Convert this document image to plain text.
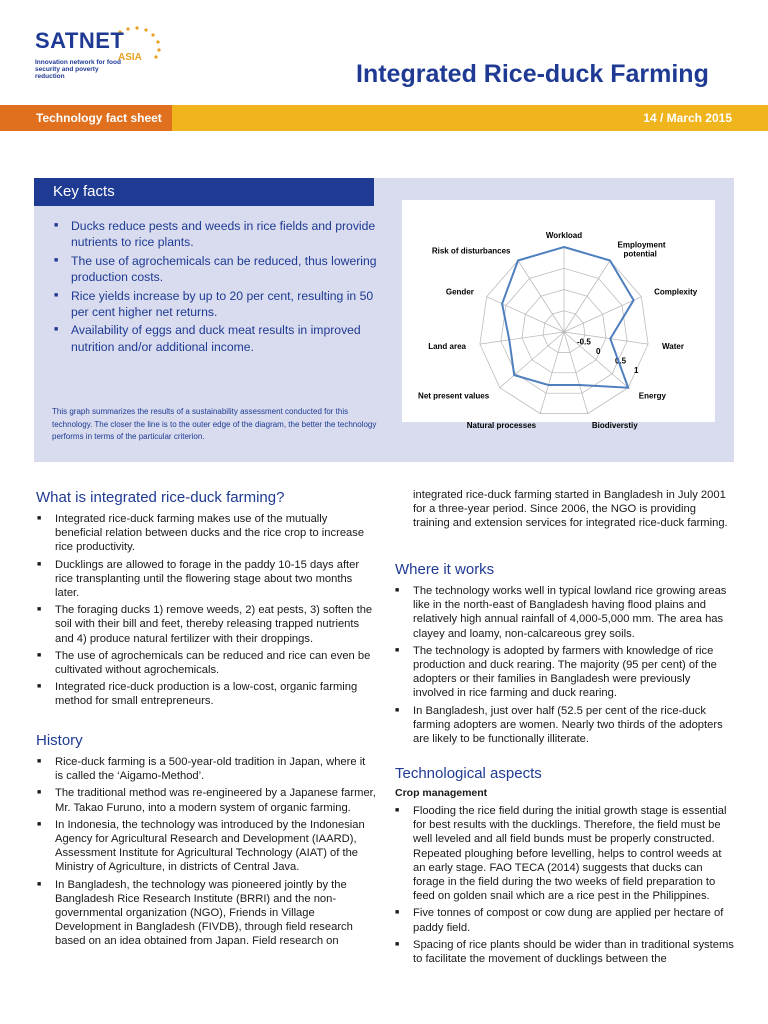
SATNET
ASIA
Innovation network for food security and poverty reduction	Integrated Rice-duck Farming
Technology fact sheet	14 / March 2015
Key facts
■ Ducks reduce pests and weeds in rice fields and provide nutrients to rice plants.
■ The use of agrochemicals can be reduced, thus lowering production costs.
■ Rice yields increase by up to 20 per cent, resulting in 50 per cent higher net returns.
■ Availability of eggs and duck meat results in improved nutrition and/or additional income.
This graph summarizes the results of a sustainability assessment conducted for this technology. The closer the line is to the outer edge of the diagram, the better the technology performs in terms of the particular criterion.
-0.5
0
0.5
1
Workload
Employment potential
Complexity
Water
Energy
Biodiverstiy
Natural processes
Net present values
Land area
Gender
Risk of disturbances
What is integrated rice-duck farming?
■ Integrated rice-duck farming makes use of the mutually beneficial relation between ducks and the rice crop to increase rice productivity.
■ Ducklings are allowed to forage in the paddy 10-15 days after rice transplanting until the flowering stage about two months later.
■ The foraging ducks 1) remove weeds, 2) eat pests, 3) soften the soil with their bill and feet, thereby releasing trapped nutrients and 4) produce natural fertilizer with their droppings.
■ The use of agrochemicals can be reduced and rice can even be cultivated without agrochemicals.
■ Integrated rice-duck production is a low-cost, organic farming method for small entrepreneurs.
History
■ Rice-duck farming is a 500-year-old tradition in Japan, where it is called the ‘Aigamo-Method’.
■ The traditional method was re-engineered by a Japanese farmer, Mr. Takao Furuno, into a modern system of organic farming.
■ In Indonesia, the technology was introduced by the Indonesian Agency for Agricultural Research and Development (IAARD), Assessment Institute for Agricultural Technology (AIAT) of the Ministry of Agriculture, in districts of Central Java.
■ In Bangladesh, the technology was pioneered jointly by the Bangladesh Rice Research Institute (BRRI) and the non-governmental organization (NGO), Friends in Village Development in Bangladesh (FIVDB), through field research based on an idea obtained from Japan. Field research on
integrated rice-duck farming started in Bangladesh in July 2001 for a three-year period. Since 2006, the NGO is providing training and extension services for integrated rice-duck farming.
Where it works
■ The technology works well in typical lowland rice growing areas like in the north-east of Bangladesh having flood plains and relatively high annual rainfall of 4,000-5,000 mm. The area has clayey and loamy, non-calcareous grey soils.
■ The technology is adopted by farmers with knowledge of rice production and duck rearing. The majority (95 per cent) of the adopters or their families in Bangladesh were previously involved in rice farming and duck rearing.
■ In Bangladesh, just over half (52.5 per cent of the rice-duck farming adopters are women. Nearly two thirds of the adopters are likely to be functionally illiterate.
Technological aspects
Crop management
■ Flooding the rice field during the initial growth stage is essential for best results with the ducklings. Therefore, the field must be well leveled and all field bunds must be properly constructed. Repeated ploughing before levelling, helps to control weeds at an early stage. FAO TECA (2014) suggests that ducks can forage in the field during the two weeks of field preparation to feed on golden snail which are a rice pest in the Philippines.
■ Five tonnes of compost or cow dung are applied per hectare of paddy field.
■ Spacing of rice plants should be wider than in traditional systems to facilitate the movement of ducklings between the
